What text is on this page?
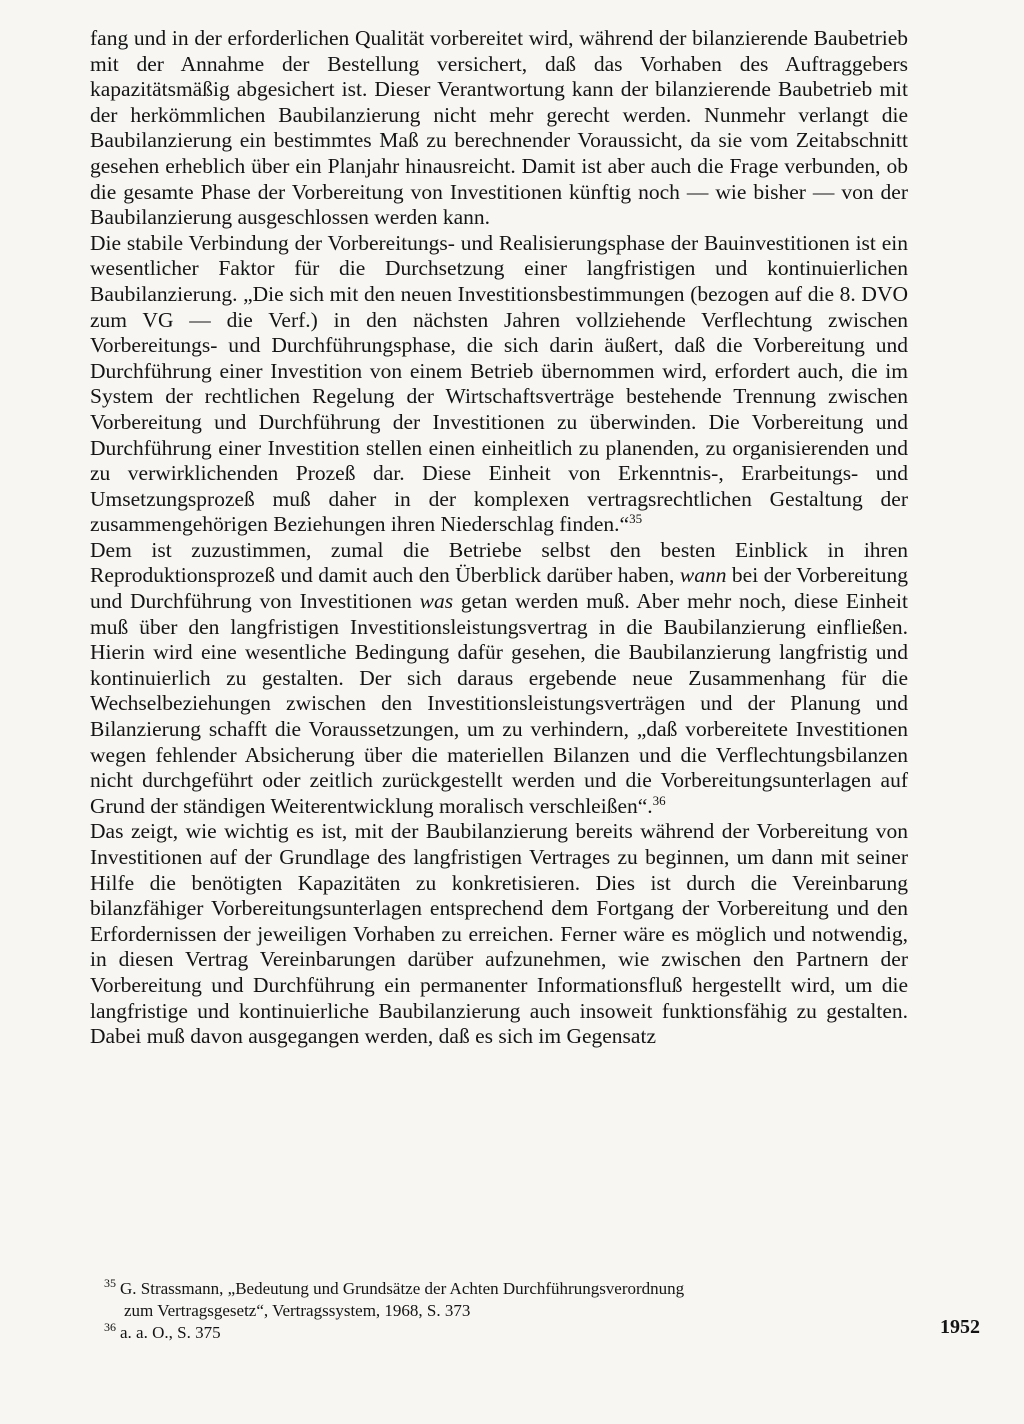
fang und in der erforderlichen Qualität vorbereitet wird, während der bilanzierende Baubetrieb mit der Annahme der Bestellung versichert, daß das Vorhaben des Auftraggebers kapazitätsmäßig abgesichert ist. Dieser Verantwortung kann der bilanzierende Baubetrieb mit der herkömmlichen Baubilanzierung nicht mehr gerecht werden. Nunmehr verlangt die Baubilanzierung ein bestimmtes Maß zu berechnender Voraussicht, da sie vom Zeitabschnitt gesehen erheblich über ein Planjahr hinausreicht. Damit ist aber auch die Frage verbunden, ob die gesamte Phase der Vorbereitung von Investitionen künftig noch — wie bisher — von der Baubilanzierung ausgeschlossen werden kann.

Die stabile Verbindung der Vorbereitungs- und Realisierungsphase der Bauinvestitionen ist ein wesentlicher Faktor für die Durchsetzung einer langfristigen und kontinuierlichen Baubilanzierung. „Die sich mit den neuen Investitionsbestimmungen (bezogen auf die 8. DVO zum VG — die Verf.) in den nächsten Jahren vollziehende Verflechtung zwischen Vorbereitungs- und Durchführungsphase, die sich darin äußert, daß die Vorbereitung und Durchführung einer Investition von einem Betrieb übernommen wird, erfordert auch, die im System der rechtlichen Regelung der Wirtschaftsverträge bestehende Trennung zwischen Vorbereitung und Durchführung der Investitionen zu überwinden. Die Vorbereitung und Durchführung einer Investition stellen einen einheitlich zu planenden, zu organisierenden und zu verwirklichenden Prozeß dar. Diese Einheit von Erkenntnis-, Erarbeitungs- und Umsetzungsprozeß muß daher in der komplexen vertragsrechtlichen Gestaltung der zusammengehörigen Beziehungen ihren Niederschlag finden.“$^{35}$

Dem ist zuzustimmen, zumal die Betriebe selbst den besten Einblick in ihren Reproduktionsprozeß und damit auch den Überblick darüber haben, wann bei der Vorbereitung und Durchführung von Investitionen was getan werden muß. Aber mehr noch, diese Einheit muß über den langfristigen Investitionsleistungsvertrag in die Baubilanzierung einfließen. Hierin wird eine wesentliche Bedingung dafür gesehen, die Baubilanzierung langfristig und kontinuierlich zu gestalten. Der sich daraus ergebende neue Zusammenhang für die Wechselbeziehungen zwischen den Investitionsleistungsverträgen und der Planung und Bilanzierung schafft die Voraussetzungen, um zu verhindern, „daß vorbereitete Investitionen wegen fehlender Absicherung über die materiellen Bilanzen und die Verflechtungsbilanzen nicht durchgeführt oder zeitlich zurückgestellt werden und die Vorbereitungsunterlagen auf Grund der ständigen Weiterentwicklung moralisch verschleißen“.$^{36}$

Das zeigt, wie wichtig es ist, mit der Baubilanzierung bereits während der Vorbereitung von Investitionen auf der Grundlage des langfristigen Vertrages zu beginnen, um dann mit seiner Hilfe die benötigten Kapazitäten zu konkretisieren. Dies ist durch die Vereinbarung bilanzfähiger Vorbereitungsunterlagen entsprechend dem Fortgang der Vorbereitung und den Erfordernissen der jeweiligen Vorhaben zu erreichen. Ferner wäre es möglich und notwendig, in diesen Vertrag Vereinbarungen darüber aufzunehmen, wie zwischen den Partnern der Vorbereitung und Durchführung ein permanenter Informationsfluß hergestellt wird, um die langfristige und kontinuierliche Baubilanzierung auch insoweit funktionsfähig zu gestalten. Dabei muß davon ausgegangen werden, daß es sich im Gegensatz

$^{35}$ G. Strassmann, „Bedeutung und Grundsätze der Achten Durchführungsverordnung

zum Vertragsgesetz“, Vertragssystem, 1968, S. 373

$^{36}$ a. a. O., S. 375	1952
